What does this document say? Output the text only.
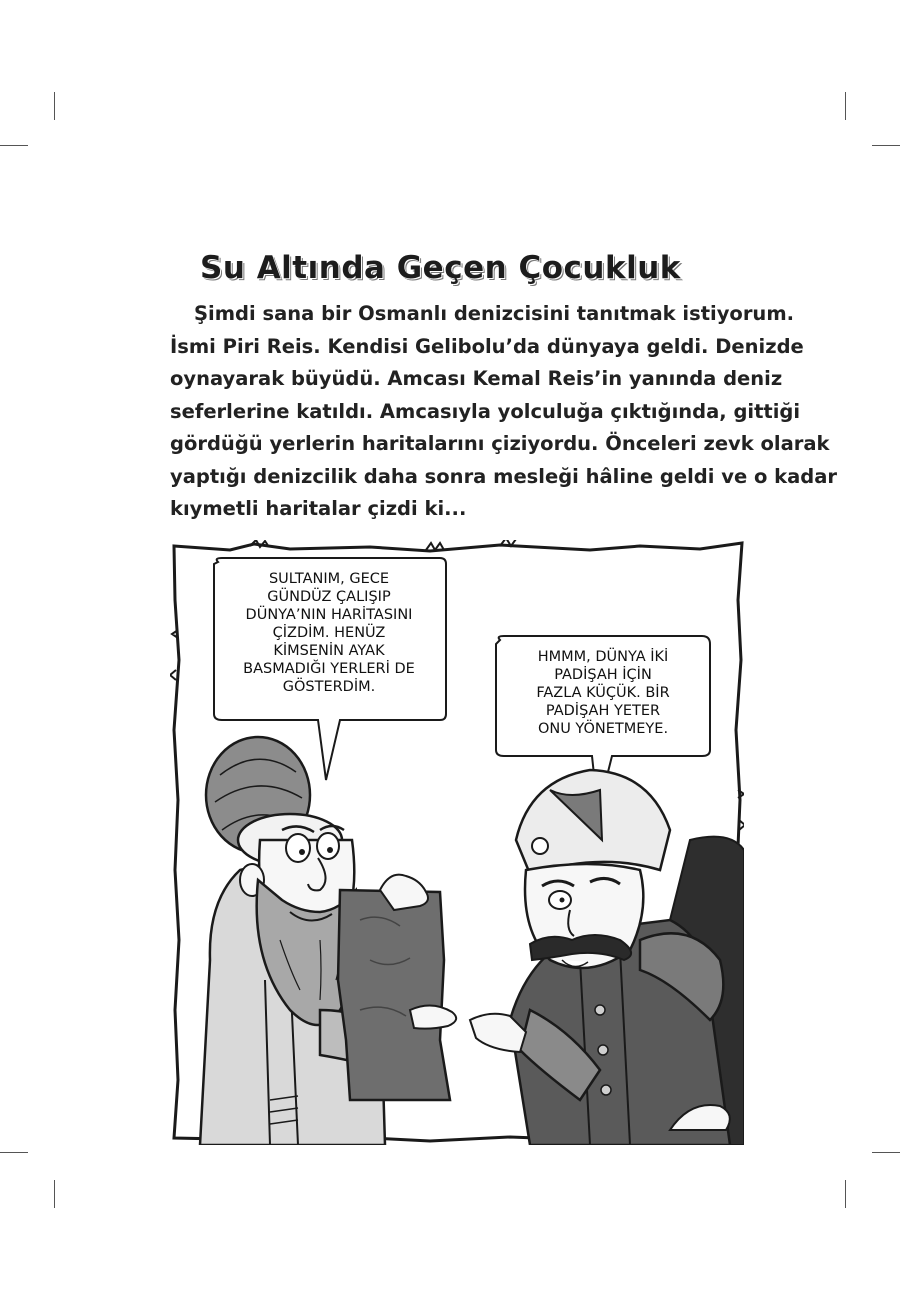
Su Altında Geçen Çocukluk
Şimdi sana bir Osmanlı denizcisini tanıtmak istiyorum.
İsmi Piri Reis. Kendisi Gelibolu’da dünyaya geldi. Denizde
oynayarak büyüdü. Amcası Kemal Reis’in yanında deniz
seferlerine katıldı. Amcasıyla yolculuğa çıktığında, gittiği
gördüğü yerlerin haritalarını çiziyordu. Önceleri zevk olarak
yaptığı denizcilik daha sonra mesleği hâline geldi ve o kadar
kıymetli haritalar çizdi ki...
SULTANIM, GECE
GÜNDÜZ ÇALIŞIP
DÜNYA’NIN HARİTASINI
ÇİZDİM. HENÜZ
KİMSENİN AYAK
BASMADIĞI YERLERİ DE
GÖSTERDİM.
HMMM, DÜNYA İKİ
PADİŞAH İÇİN
FAZLA KÜÇÜK. BİR
PADİŞAH YETER
ONU YÖNETMEYE.
